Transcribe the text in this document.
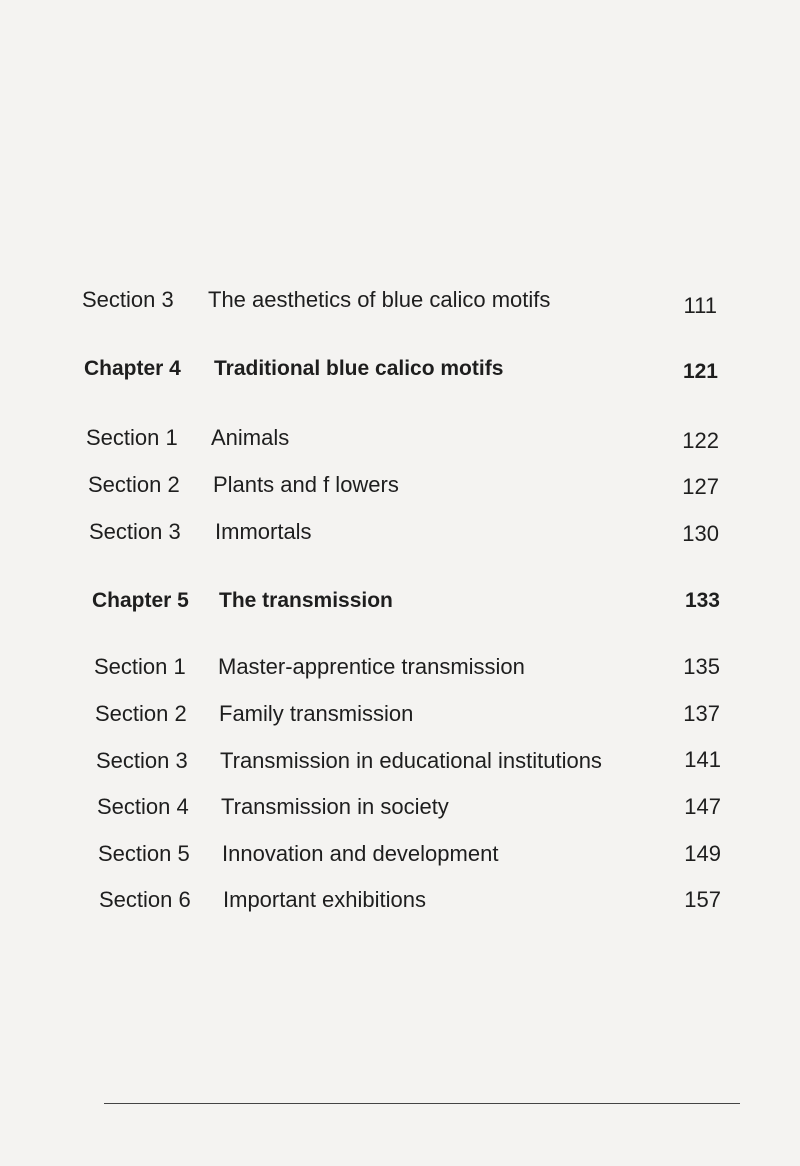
Section 3 The aesthetics of blue calico motifs	111
Chapter 4 Traditional blue calico motifs	121
Section 1 Animals	122
Section 2 Plants and f lowers	127
Section 3 Immortals	130
Chapter 5 The transmission	133
Section 1 Master-apprentice transmission	135
Section 2 Family transmission	137
Section 3 Transmission in educational institutions	141
Section 4 Transmission in society	147
Section 5 Innovation and development	149
Section 6 Important exhibitions	157
